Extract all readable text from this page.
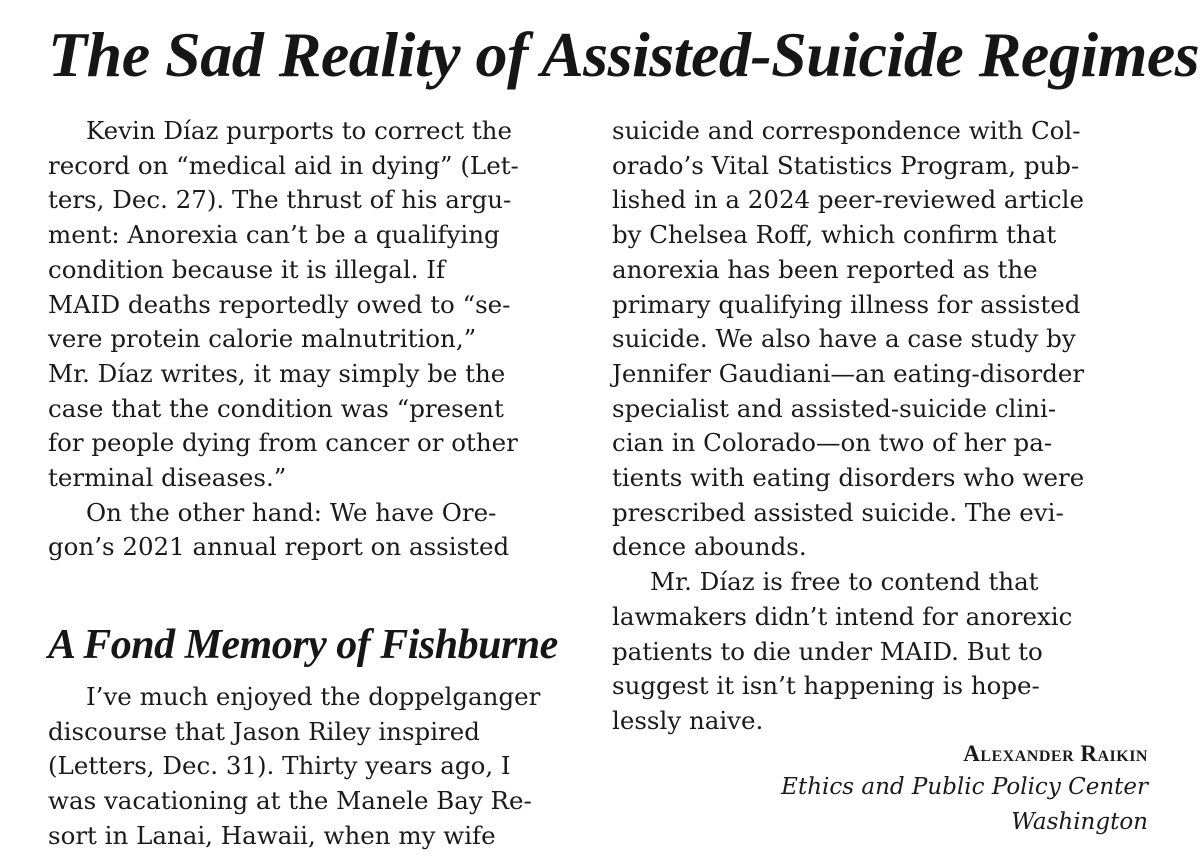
The Sad Reality of Assisted-Suicide Regimes
Kevin Díaz purports to correct the
record on “medical aid in dying” (Let-
ters, Dec. 27). The thrust of his argu-
ment: Anorexia can’t be a qualifying
condition because it is illegal. If
MAID deaths reportedly owed to “se-
vere protein calorie malnutrition,”
Mr. Díaz writes, it may simply be the
case that the condition was “present
for people dying from cancer or other
terminal diseases.”
On the other hand: We have Ore-
gon’s 2021 annual report on assisted
suicide and correspondence with Col-
orado’s Vital Statistics Program, pub-
lished in a 2024 peer-reviewed article
by Chelsea Roff, which confirm that
anorexia has been reported as the
primary qualifying illness for assisted
suicide. We also have a case study by
Jennifer Gaudiani—an eating-disorder
specialist and assisted-suicide clini-
cian in Colorado—on two of her pa-
tients with eating disorders who were
prescribed assisted suicide. The evi-
dence abounds.
Mr. Díaz is free to contend that
lawmakers didn’t intend for anorexic
patients to die under MAID. But to
suggest it isn’t happening is hope-
lessly naive.
A Fond Memory of Fishburne
I’ve much enjoyed the doppelganger
discourse that Jason Riley inspired
(Letters, Dec. 31). Thirty years ago, I
was vacationing at the Manele Bay Re-
sort in Lanai, Hawaii, when my wife
Alexander Raikin
Ethics and Public Policy Center
Washington
